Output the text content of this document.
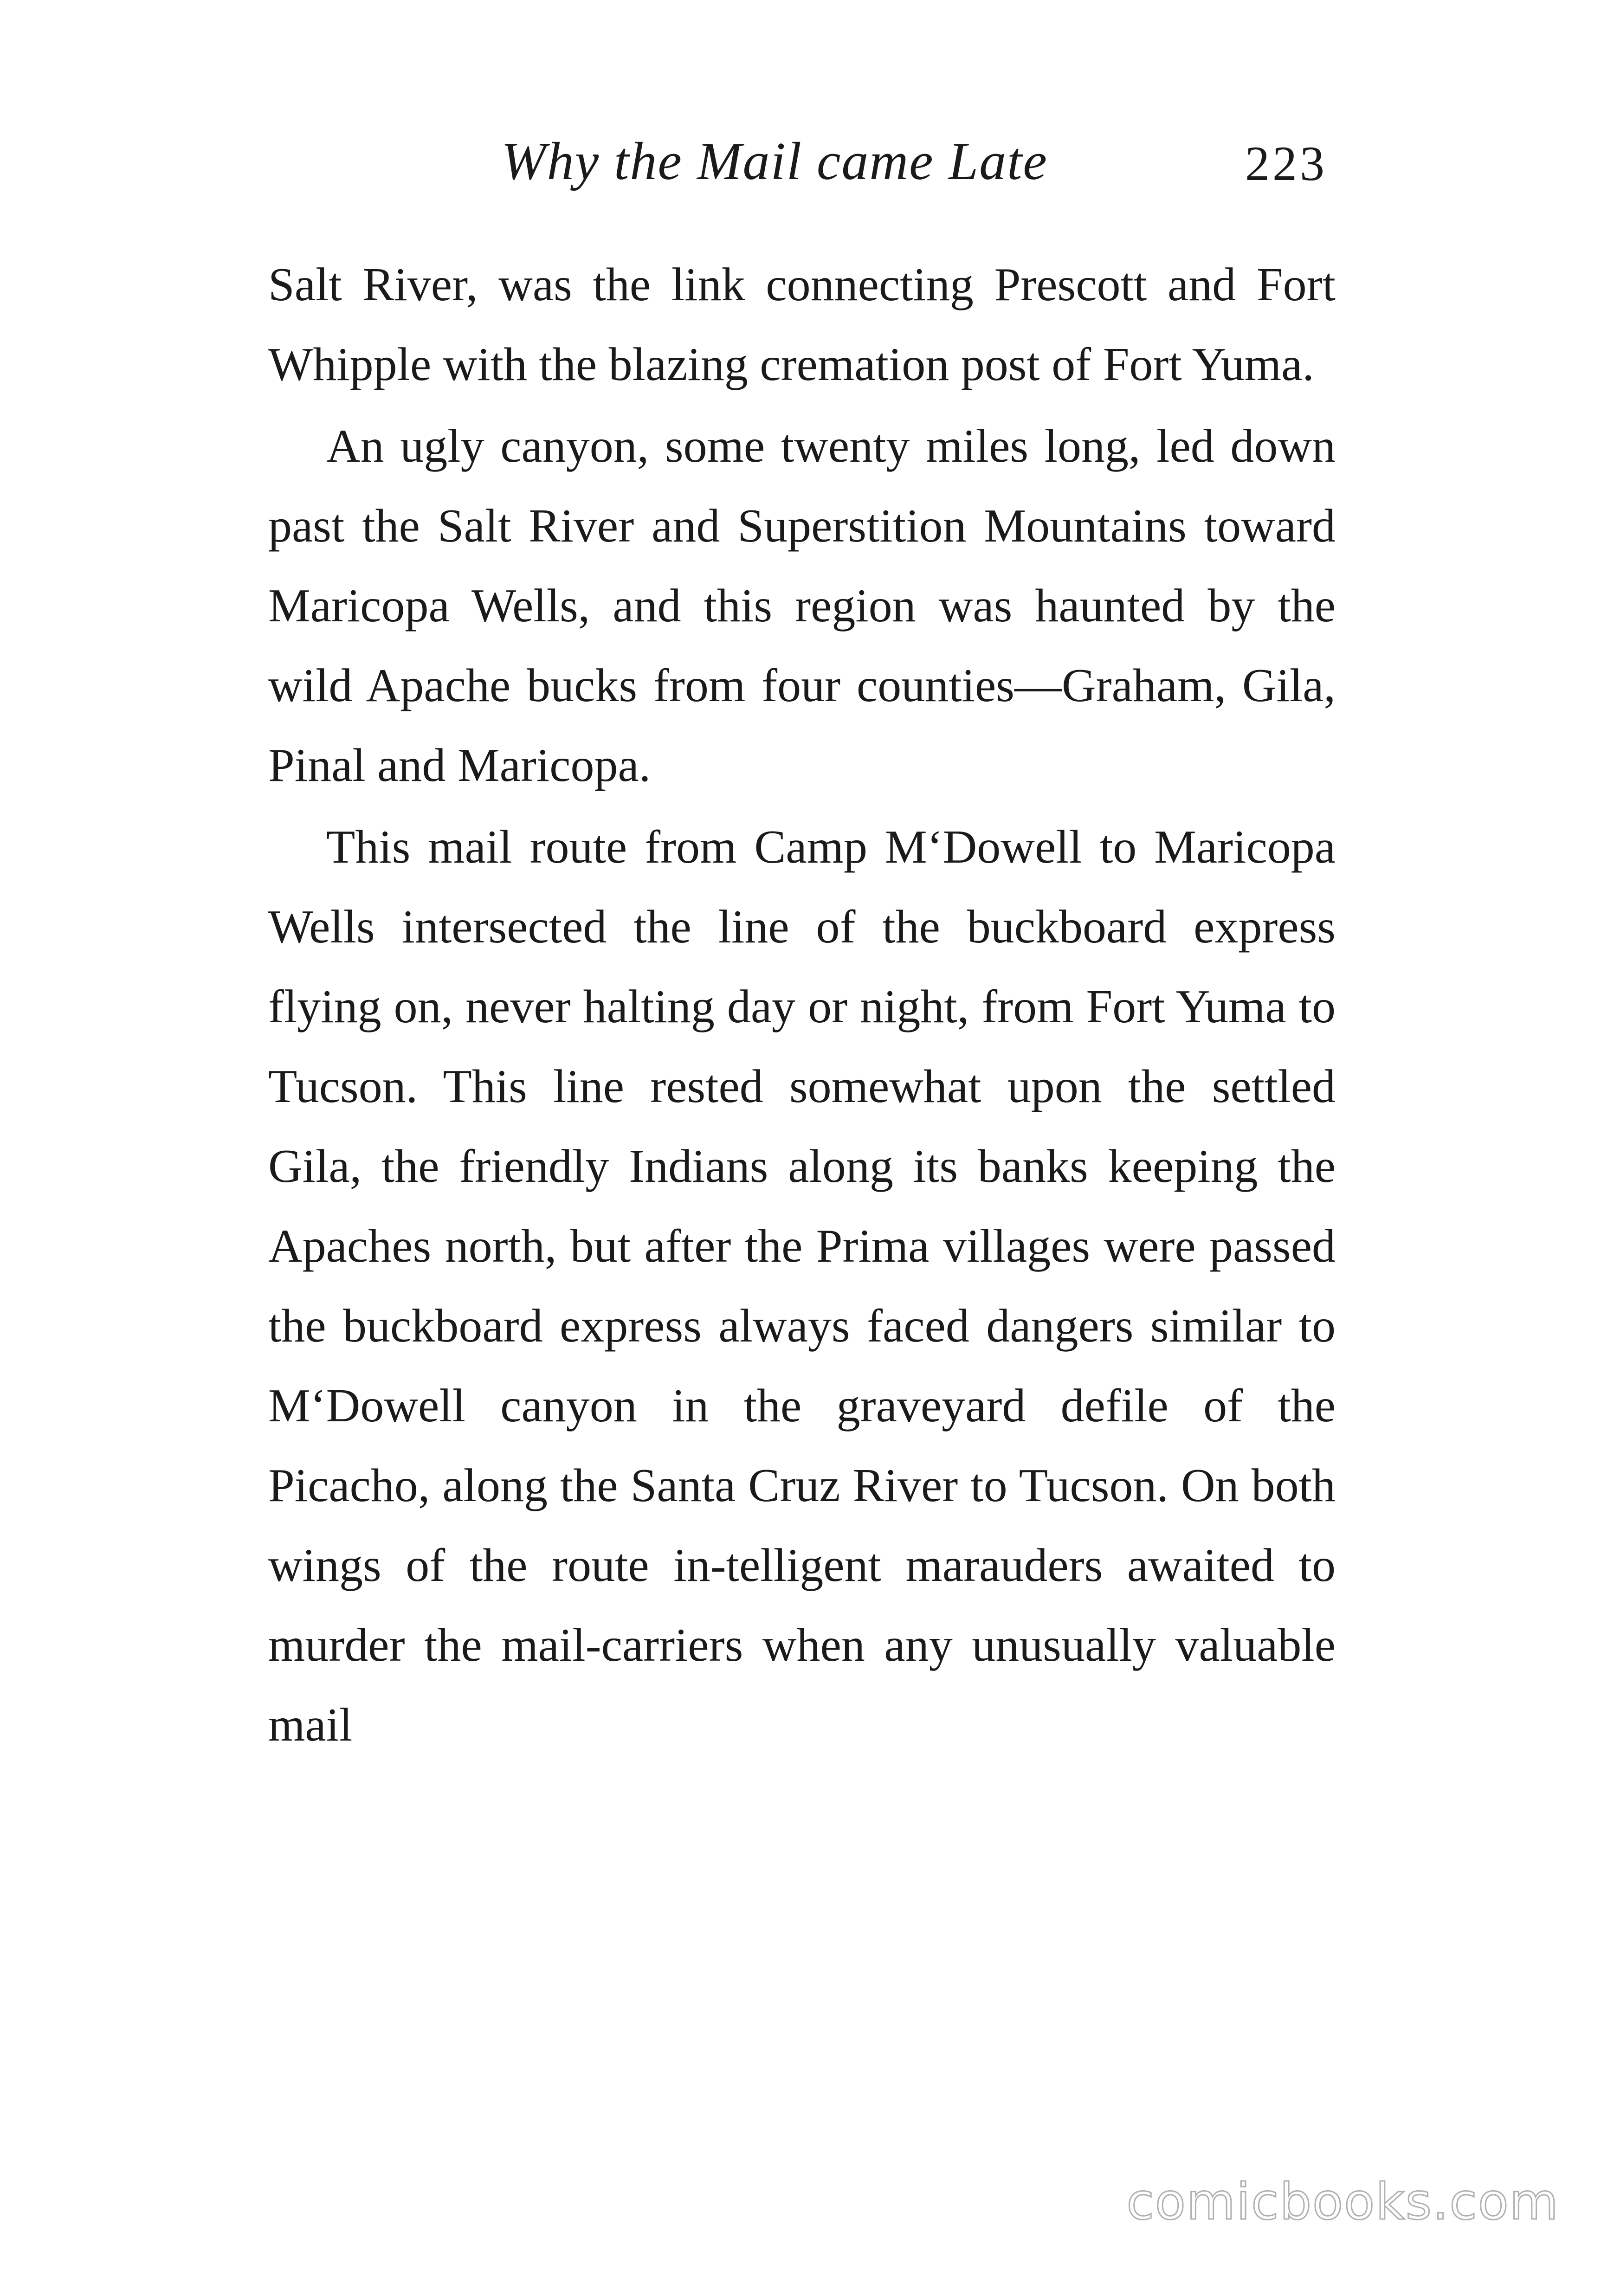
Why the Mail came Late	223

Salt River, was the link connecting Prescott and Fort Whipple with the blazing cremation post of Fort Yuma.

An ugly canyon, some twenty miles long, led down past the Salt River and Superstition Mountains toward Maricopa Wells, and this region was haunted by the wild Apache bucks from four counties—Graham, Gila, Pinal and Maricopa.

This mail route from Camp M‘Dowell to Maricopa Wells intersected the line of the buckboard express flying on, never halting day or night, from Fort Yuma to Tucson. This line rested somewhat upon the settled Gila, the friendly Indians along its banks keeping the Apaches north, but after the Prima villages were passed the buckboard express always faced dangers similar to M‘Dowell canyon in the graveyard defile of the Picacho, along the Santa Cruz River to Tucson. On both wings of the route in-telligent marauders awaited to murder the mail-carriers when any unusually valuable mail

comicbooks.com
